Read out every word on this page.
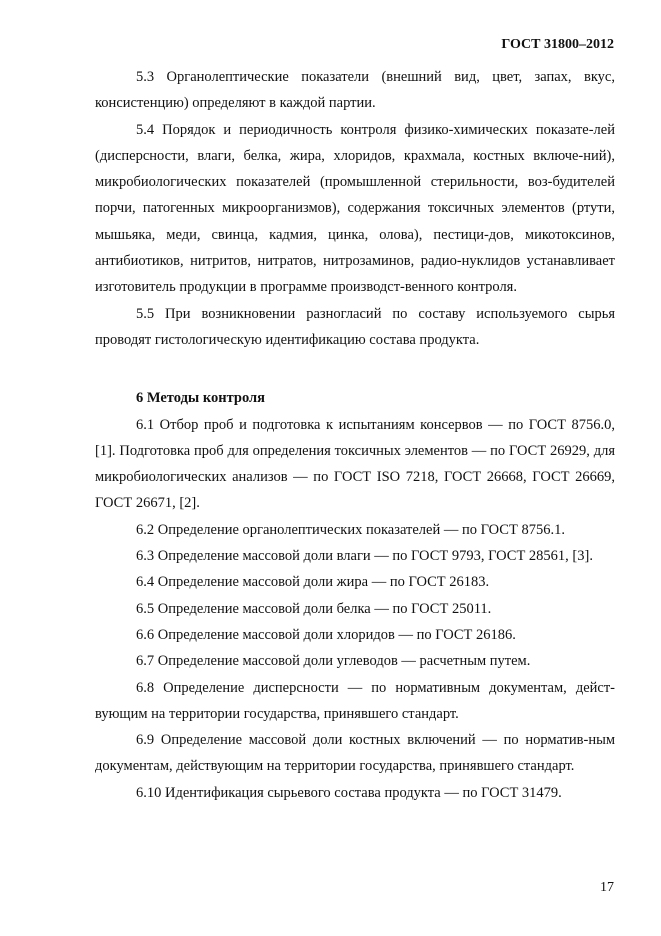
ГОСТ 31800–2012

5.3 Органолептические показатели (внешний вид, цвет, запах, вкус, консистенцию) определяют в каждой партии.

5.4 Порядок и периодичность контроля физико-химических показате-лей (дисперсности, влаги, белка, жира, хлоридов, крахмала, костных включе-ний), микробиологических показателей (промышленной стерильности, воз-будителей порчи, патогенных микроорганизмов), содержания токсичных элементов (ртути, мышьяка, меди, свинца, кадмия, цинка, олова), пестици-дов, микотоксинов, антибиотиков, нитритов, нитратов, нитрозаминов, радио-нуклидов устанавливает изготовитель продукции в программе производст-венного контроля.

5.5 При возникновении разногласий по составу используемого сырья проводят гистологическую идентификацию состава продукта.

6 Методы контроля

6.1 Отбор проб и подготовка к испытаниям консервов — по ГОСТ 8756.0, [1]. Подготовка проб для определения токсичных элементов — по ГОСТ 26929, для микробиологических анализов — по ГОСТ ISO 7218, ГОСТ 26668, ГОСТ 26669, ГОСТ 26671, [2].

6.2 Определение органолептических показателей — по ГОСТ 8756.1.

6.3 Определение массовой доли влаги — по ГОСТ 9793, ГОСТ 28561, [3].

6.4 Определение массовой доли жира — по ГОСТ 26183.

6.5 Определение массовой доли белка — по ГОСТ 25011.

6.6 Определение массовой доли хлоридов — по ГОСТ 26186.

6.7 Определение массовой доли углеводов — расчетным путем.

6.8 Определение дисперсности — по нормативным документам, дейст-вующим на территории государства, принявшего стандарт.

6.9 Определение массовой доли костных включений — по норматив-ным документам, действующим на территории государства, принявшего стандарт.

6.10 Идентификация сырьевого состава продукта — по ГОСТ 31479.

17
